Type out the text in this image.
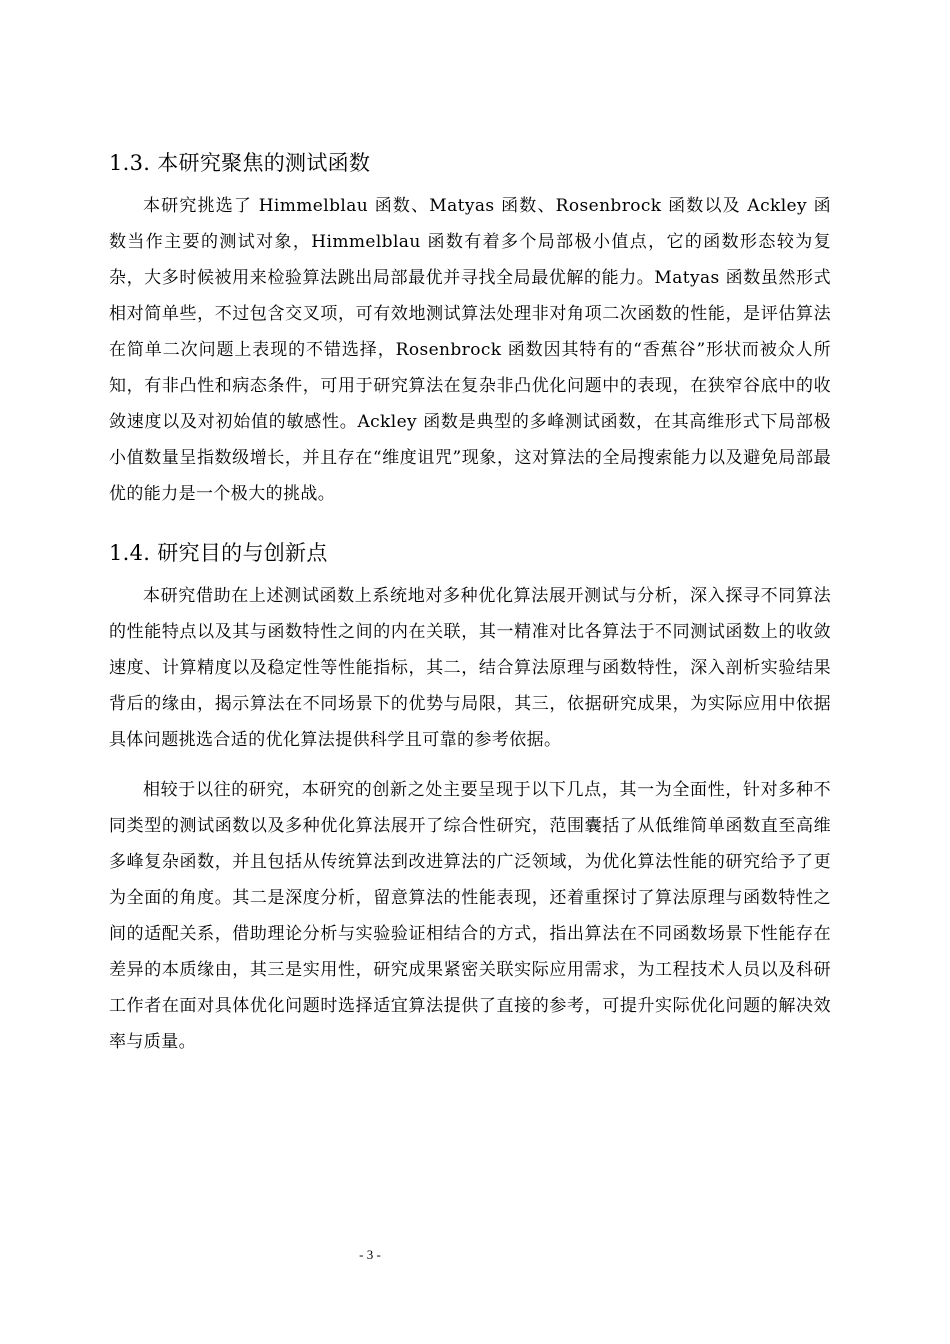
1.3. 本研究聚焦的测试函数

本研究挑选了 Himmelblau 函数、Matyas 函数、Rosenbrock 函数以及 Ackley 函数当作主要的测试对象，Himmelblau 函数有着多个局部极小值点，它的函数形态较为复杂，大多时候被用来检验算法跳出局部最优并寻找全局最优解的能力。Matyas 函数虽然形式相对简单些，不过包含交叉项，可有效地测试算法处理非对角项二次函数的性能，是评估算法在简单二次问题上表现的不错选择，Rosenbrock 函数因其特有的“香蕉谷”形状而被众人所知，有非凸性和病态条件，可用于研究算法在复杂非凸优化问题中的表现，在狭窄谷底中的收敛速度以及对初始值的敏感性。Ackley 函数是典型的多峰测试函数，在其高维形式下局部极小值数量呈指数级增长，并且存在“维度诅咒”现象，这对算法的全局搜索能力以及避免局部最优的能力是一个极大的挑战。

1.4. 研究目的与创新点

本研究借助在上述测试函数上系统地对多种优化算法展开测试与分析，深入探寻不同算法的性能特点以及其与函数特性之间的内在关联，其一精准对比各算法于不同测试函数上的收敛速度、计算精度以及稳定性等性能指标，其二，结合算法原理与函数特性，深入剖析实验结果背后的缘由，揭示算法在不同场景下的优势与局限，其三，依据研究成果，为实际应用中依据具体问题挑选合适的优化算法提供科学且可靠的参考依据。

相较于以往的研究，本研究的创新之处主要呈现于以下几点，其一为全面性，针对多种不同类型的测试函数以及多种优化算法展开了综合性研究，范围囊括了从低维简单函数直至高维多峰复杂函数，并且包括从传统算法到改进算法的广泛领域，为优化算法性能的研究给予了更为全面的角度。其二是深度分析，留意算法的性能表现，还着重探讨了算法原理与函数特性之间的适配关系，借助理论分析与实验验证相结合的方式，指出算法在不同函数场景下性能存在差异的本质缘由，其三是实用性，研究成果紧密关联实际应用需求，为工程技术人员以及科研工作者在面对具体优化问题时选择适宜算法提供了直接的参考，可提升实际优化问题的解决效率与质量。

- 3 -
